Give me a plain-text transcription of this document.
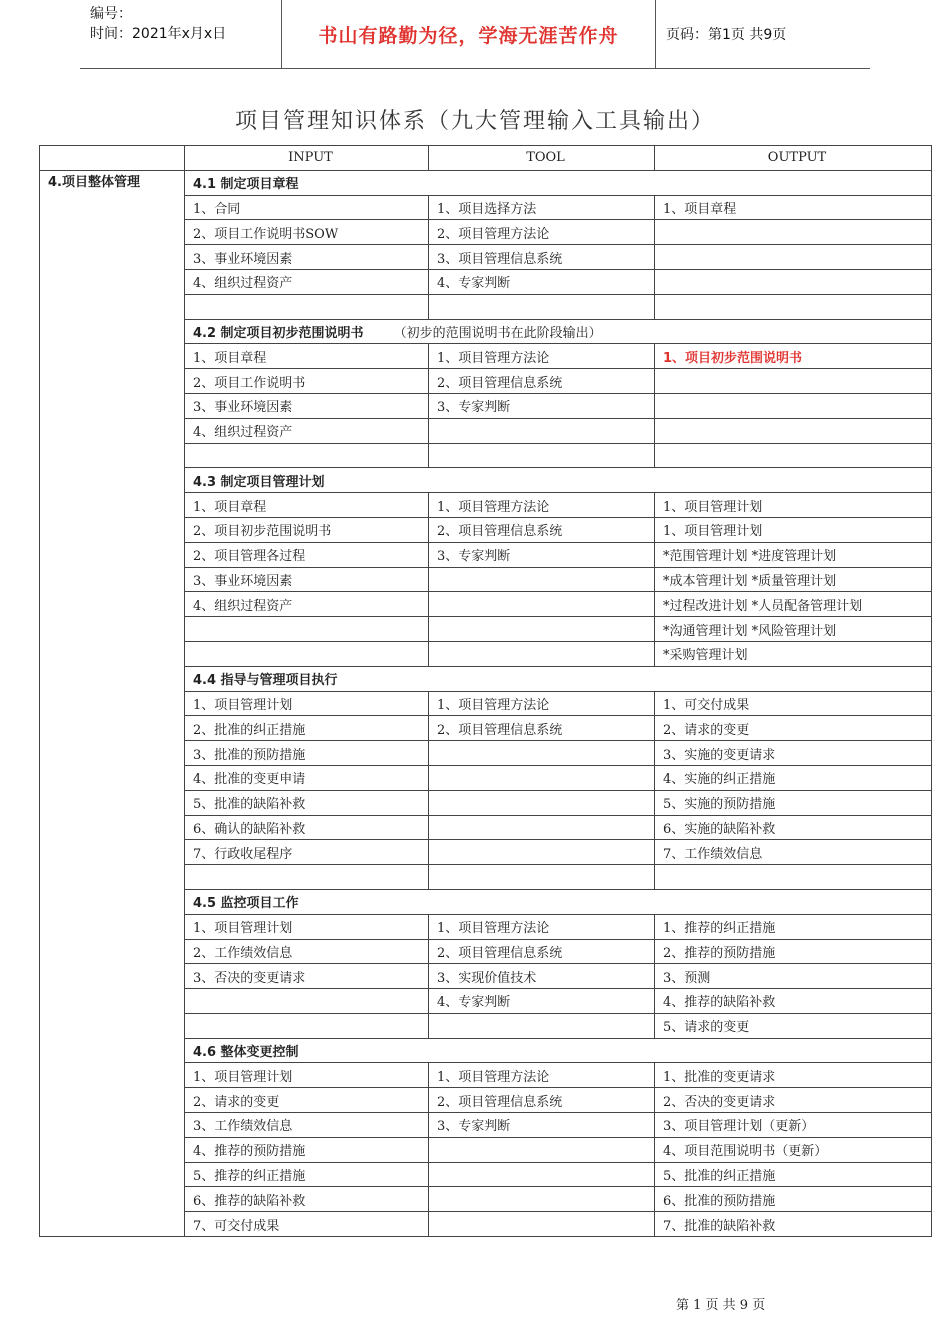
编号：
时间：2021年x月x日	书山有路勤为径，学海无涯苦作舟	页码：第1页 共9页
项目管理知识体系（九大管理输入工具输出）
	INPUT	TOOL	OUTPUT
4.项目整体管理	4.1 制定项目章程		
	1、合同	1、项目选择方法	1、项目章程
	2、项目工作说明书SOW	2、项目管理方法论	
	3、事业环境因素	3、项目管理信息系统	
	4、组织过程资产	4、专家判断	

	4.2 制定项目初步范围说明书 （初步的范围说明书在此阶段输出）		
	1、项目章程	1、项目管理方法论	1、项目初步范围说明书
	2、项目工作说明书	2、项目管理信息系统	
	3、事业环境因素	3、专家判断	
	4、组织过程资产		

	4.3 制定项目管理计划		
	1、项目章程	1、项目管理方法论	1、项目管理计划
	2、项目初步范围说明书	2、项目管理信息系统	1、项目管理计划
	2、项目管理各过程	3、专家判断	*范围管理计划 *进度管理计划
	3、事业环境因素		*成本管理计划 *质量管理计划
	4、组织过程资产		*过程改进计划 *人员配备管理计划
			*沟通管理计划 *风险管理计划
			*采购管理计划
	4.4 指导与管理项目执行		
	1、项目管理计划	1、项目管理方法论	1、可交付成果
	2、批准的纠正措施	2、项目管理信息系统	2、请求的变更
	3、批准的预防措施		3、实施的变更请求
	4、批准的变更申请		4、实施的纠正措施
	5、批准的缺陷补救		5、实施的预防措施
	6、确认的缺陷补救		6、实施的缺陷补救
	7、行政收尾程序		7、工作绩效信息

	4.5 监控项目工作		
	1、项目管理计划	1、项目管理方法论	1、推荐的纠正措施
	2、工作绩效信息	2、项目管理信息系统	2、推荐的预防措施
	3、否决的变更请求	3、实现价值技术	3、预测
		4、专家判断	4、推荐的缺陷补救
			5、请求的变更
	4.6 整体变更控制		
	1、项目管理计划	1、项目管理方法论	1、批准的变更请求
	2、请求的变更	2、项目管理信息系统	2、否决的变更请求
	3、工作绩效信息	3、专家判断	3、项目管理计划（更新）
	4、推荐的预防措施		4、项目范围说明书（更新）
	5、推荐的纠正措施		5、批准的纠正措施
	6、推荐的缺陷补救		6、批准的预防措施
	7、可交付成果		7、批准的缺陷补救
第 1 页 共 9 页
